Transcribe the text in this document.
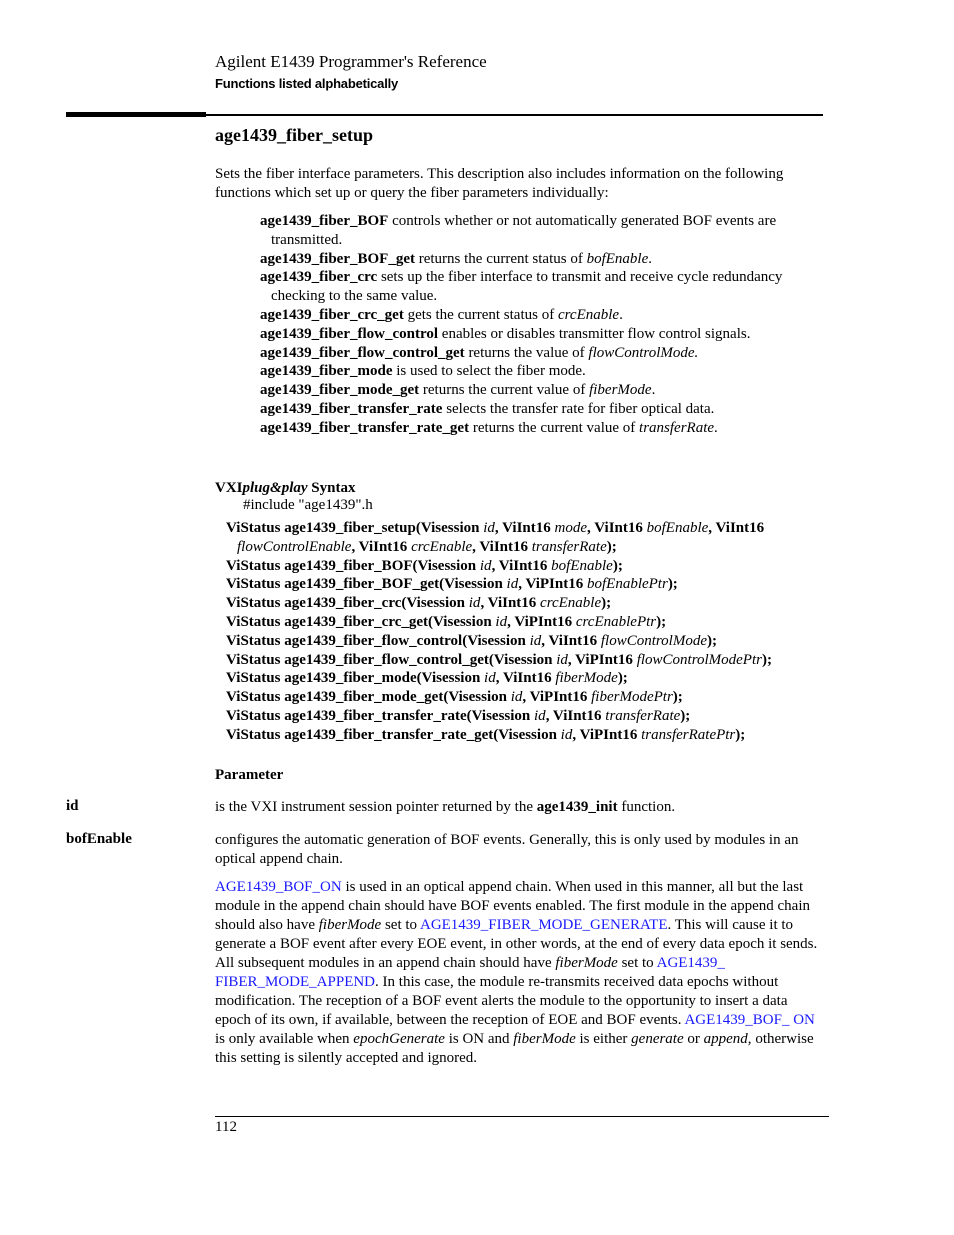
Agilent E1439 Programmer's Reference
Functions listed alphabetically
age1439_fiber_setup
Sets the fiber interface parameters. This description also includes information on the following functions which set up or query the fiber parameters individually:
age1439_fiber_BOF controls whether or not automatically generated BOF events are transmitted.
age1439_fiber_BOF_get returns the current status of bofEnable.
age1439_fiber_crc sets up the fiber interface to transmit and receive cycle redundancy checking to the same value.
age1439_fiber_crc_get gets the current status of crcEnable.
age1439_fiber_flow_control enables or disables transmitter flow control signals.
age1439_fiber_flow_control_get returns the value of flowControlMode.
age1439_fiber_mode is used to select the fiber mode.
age1439_fiber_mode_get returns the current value of fiberMode.
age1439_fiber_transfer_rate selects the transfer rate for fiber optical data.
age1439_fiber_transfer_rate_get returns the current value of transferRate.
VXIplug&play Syntax
#include "age1439".h
ViStatus age1439_fiber_setup(Visession id, ViInt16 mode, ViInt16 bofEnable, ViInt16 flowControlEnable, ViInt16 crcEnable, ViInt16 transferRate);
ViStatus age1439_fiber_BOF(Visession id, ViInt16 bofEnable);
ViStatus age1439_fiber_BOF_get(Visession id, ViPInt16 bofEnablePtr);
ViStatus age1439_fiber_crc(Visession id, ViInt16 crcEnable);
ViStatus age1439_fiber_crc_get(Visession id, ViPInt16 crcEnablePtr);
ViStatus age1439_fiber_flow_control(Visession id, ViInt16 flowControlMode);
ViStatus age1439_fiber_flow_control_get(Visession id, ViPInt16 flowControlModePtr);
ViStatus age1439_fiber_mode(Visession id, ViInt16 fiberMode);
ViStatus age1439_fiber_mode_get(Visession id, ViPInt16 fiberModePtr);
ViStatus age1439_fiber_transfer_rate(Visession id, ViInt16 transferRate);
ViStatus age1439_fiber_transfer_rate_get(Visession id, ViPInt16 transferRatePtr);
Parameter
id	is the VXI instrument session pointer returned by the age1439_init function.
bofEnable	configures the automatic generation of BOF events. Generally, this is only used by modules in an optical append chain.
AGE1439_BOF_ON is used in an optical append chain. When used in this manner, all but the last module in the append chain should have BOF events enabled. The first module in the append chain should also have fiberMode set to AGE1439_FIBER_MODE_GENERATE. This will cause it to generate a BOF event after every EOE event, in other words, at the end of every data epoch it sends. All subsequent modules in an append chain should have fiberMode set to AGE1439_ FIBER_MODE_APPEND. In this case, the module re-transmits received data epochs without modification. The reception of a BOF event alerts the module to the opportunity to insert a data epoch of its own, if available, between the reception of EOE and BOF events. AGE1439_BOF_ ON is only available when epochGenerate is ON and fiberMode is either generate or append, otherwise this setting is silently accepted and ignored.
112
